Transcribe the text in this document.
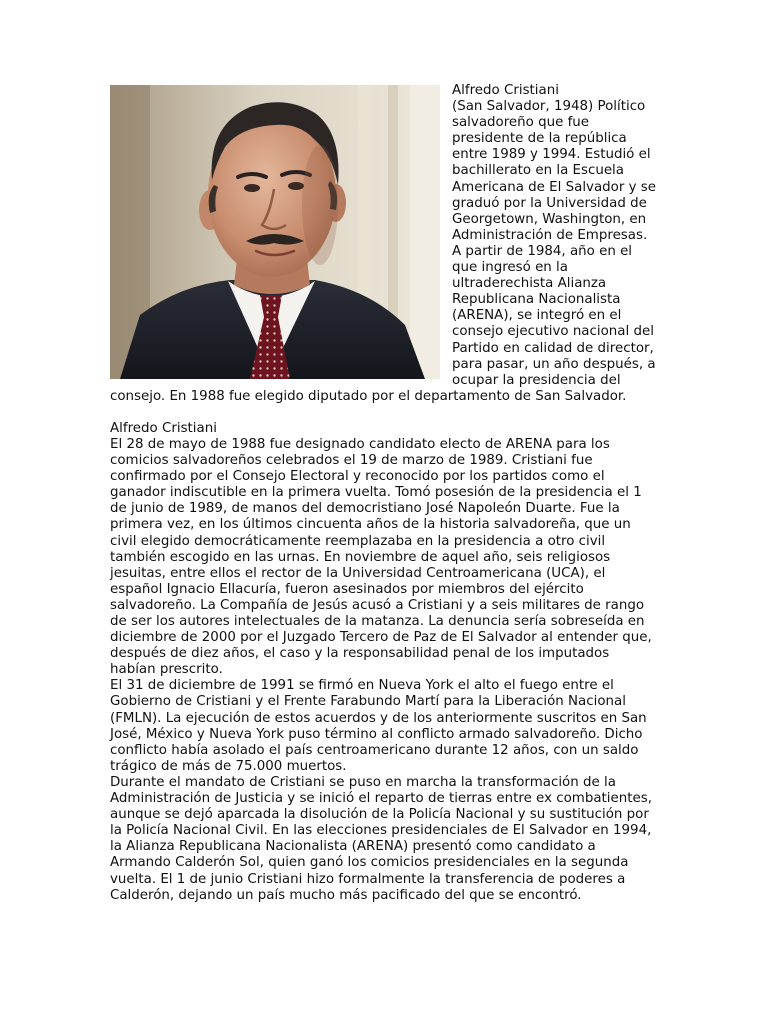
Alfredo Cristiani

(San Salvador, 1948) Político salvadoreño que fue presidente de la república entre 1989 y 1994. Estudió el bachillerato en la Escuela Americana de El Salvador y se graduó por la Universidad de Georgetown, Washington, en Administración de Empresas. A partir de 1984, año en el que ingresó en la ultraderechista Alianza Republicana Nacionalista (ARENA), se integró en el consejo ejecutivo nacional del Partido en calidad de director, para pasar, un año después, a ocupar la presidencia del consejo. En 1988 fue elegido diputado por el departamento de San Salvador.

Alfredo Cristiani

El 28 de mayo de 1988 fue designado candidato electo de ARENA para los comicios salvadoreños celebrados el 19 de marzo de 1989. Cristiani fue confirmado por el Consejo Electoral y reconocido por los partidos como el ganador indiscutible en la primera vuelta. Tomó posesión de la presidencia el 1 de junio de 1989, de manos del democristiano José Napoleón Duarte. Fue la primera vez, en los últimos cincuenta años de la historia salvadoreña, que un civil elegido democráticamente reemplazaba en la presidencia a otro civil también escogido en las urnas. En noviembre de aquel año, seis religiosos jesuitas, entre ellos el rector de la Universidad Centroamericana (UCA), el español Ignacio Ellacuría, fueron asesinados por miembros del ejército salvadoreño. La Compañía de Jesús acusó a Cristiani y a seis militares de rango de ser los autores intelectuales de la matanza. La denuncia sería sobreseída en diciembre de 2000 por el Juzgado Tercero de Paz de El Salvador al entender que, después de diez años, el caso y la responsabilidad penal de los imputados habían prescrito.

El 31 de diciembre de 1991 se firmó en Nueva York el alto el fuego entre el Gobierno de Cristiani y el Frente Farabundo Martí para la Liberación Nacional (FMLN). La ejecución de estos acuerdos y de los anteriormente suscritos en San José, México y Nueva York puso término al conflicto armado salvadoreño. Dicho conflicto había asolado el país centroamericano durante 12 años, con un saldo trágico de más de 75.000 muertos.

Durante el mandato de Cristiani se puso en marcha la transformación de la Administración de Justicia y se inició el reparto de tierras entre ex combatientes, aunque se dejó aparcada la disolución de la Policía Nacional y su sustitución por la Policía Nacional Civil. En las elecciones presidenciales de El Salvador en 1994, la Alianza Republicana Nacionalista (ARENA) presentó como candidato a Armando Calderón Sol, quien ganó los comicios presidenciales en la segunda vuelta. El 1 de junio Cristiani hizo formalmente la transferencia de poderes a Calderón, dejando un país mucho más pacificado del que se encontró.
